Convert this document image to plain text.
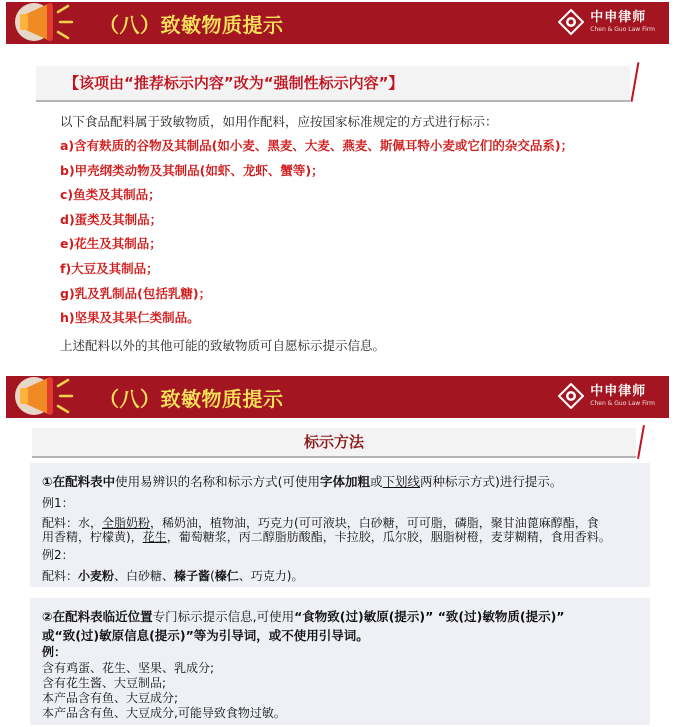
（八）致敏物质提示	中申律师
Chen & Guo Law Firm
【该项由“推荐标示内容”改为“强制性标示内容”】
以下食品配料属于致敏物质，如用作配料，应按国家标准规定的方式进行标示：
a)含有麸质的谷物及其制品(如小麦、黑麦、大麦、燕麦、斯佩耳特小麦或它们的杂交品系)；
b)甲壳纲类动物及其制品(如虾、龙虾、蟹等)；
c)鱼类及其制品；
d)蛋类及其制品；
e)花生及其制品；
f)大豆及其制品；
g)乳及乳制品(包括乳糖)；
h)坚果及其果仁类制品。
上述配料以外的其他可能的致敏物质可自愿标示提示信息。
（八）致敏物质提示	中申律师
Chen & Guo Law Firm
标示方法
①在配料表中使用易辨识的名称和标示方式(可使用字体加粗或下划线两种标示方式)进行提示。
例1：
配料：水，全脂奶粉，稀奶油，植物油，巧克力(可可液块，白砂糖，可可脂，磷脂，聚甘油蓖麻醇酯，食
用香精，柠檬黄)，花生，葡萄糖浆，丙二醇脂肪酸酯，卡拉胶，瓜尔胶，胭脂树橙，麦芽糊精，食用香料。
例2：
配料：小麦粉、白砂糖、榛子酱(榛仁、巧克力)。
②在配料表临近位置专门标示提示信息,可使用“食物致(过)敏原(提示)” “致(过)敏物质(提示)”
或“致(过)敏原信息(提示)”等为引导词，或不使用引导词。
例：
含有鸡蛋、花生、坚果、乳成分;
含有花生酱、大豆制品;
本产品含有鱼、大豆成分;
本产品含有鱼、大豆成分,可能导致食物过敏。
